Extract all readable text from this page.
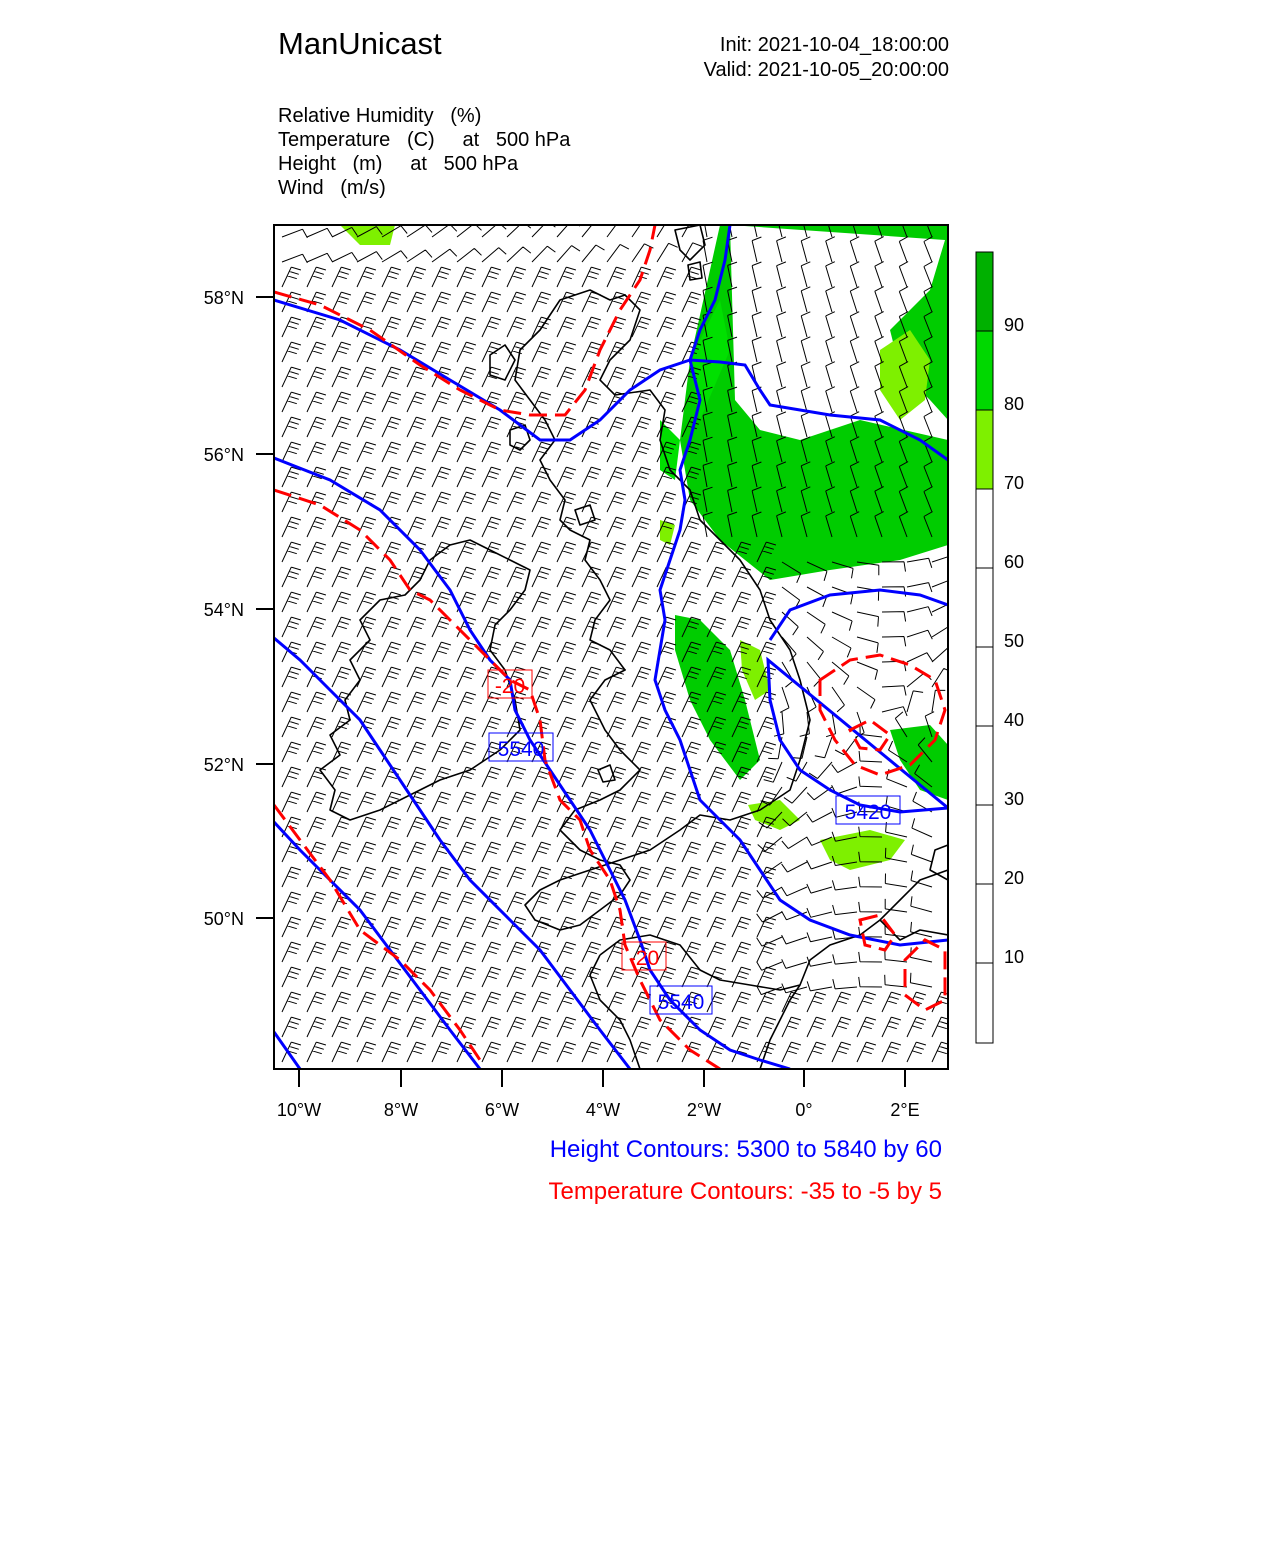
ManUnicast	Init: 2021-10-04_18:00:00
Valid: 2021-10-05_20:00:00
Relative Humidity   (%)
Temperature   (C)     at   500 hPa
Height   (m)     at   500 hPa
Wind   (m/s)
-20
5540
5420
-20
5540
58°N
56°N
54°N
52°N
50°N
10°W	8°W	6°W	4°W	2°W	0°	2°E
90
80
70
60
50
40
30
20
10
Height Contours: 5300 to 5840 by 60
Temperature Contours: -35 to -5 by 5
